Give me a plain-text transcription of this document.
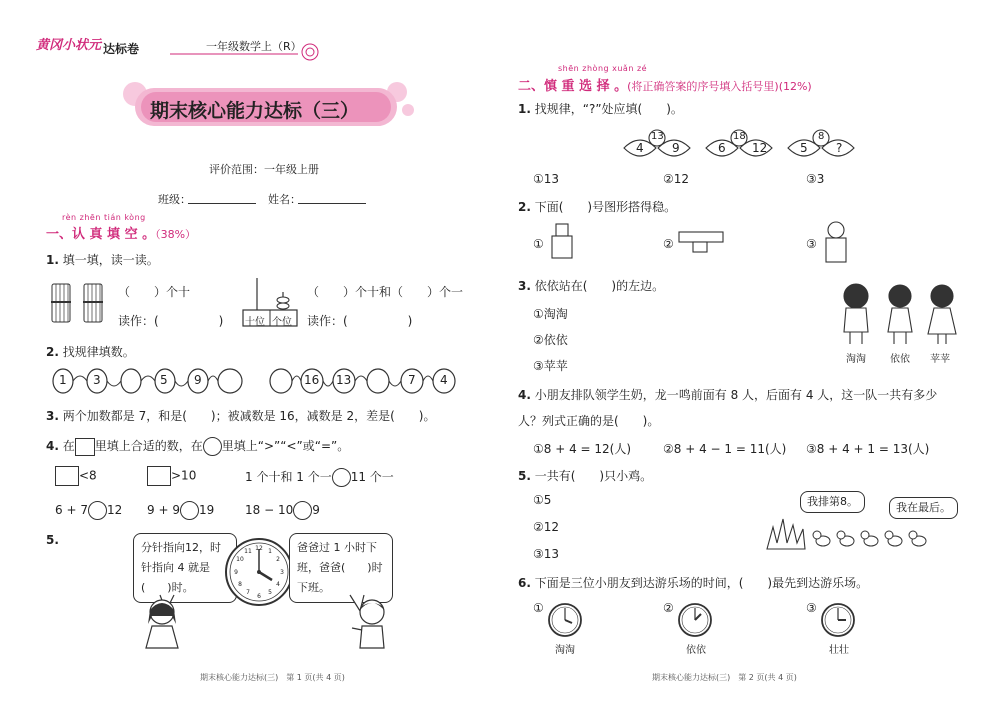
黄冈小状元 达标卷	一年级数学上（R）
期末核心能力达标（三）
评价范围：一年级上册
班级：	姓名：
rèn zhēn tián kòng
一、认 真 填 空 。（38%）
1. 填一填，读一读。
（　　）个十
读作：(　　　　　) 十位 个位
（　　）个十和（　　）个一
读作：(　　　　　)
2. 找规律填数。
1 3	5 9	16 13	7 4
3. 两个加数都是 7，和是(　　)；被减数是 16，减数是 2，差是(　　)。
4. 在 里填上合适的数，在 里填上“>”“<”或“=”。
<8	>10	1 个十和 1 个一 11 个一
6 + 7 12 9 + 9 19	18 − 10 9
5.
分针指向12，时针指向 4 就是(　　)时。
12 1
2
3
4
5
6
7
8
9
10
11	爸爸过 1 小时下班，爸爸(　　)时下班。
期末核心能力达标(三)　第 1 页(共 4 页)
shēn zhòng xuǎn zé
二、慎 重 选 择 。(将正确答案的序号填入括号里)(12%)
1. 找规律，“?”处应填(　　)。
13
4 9
18
6 12
8
5 ?
①13	②12	③3
2. 下面(　　)号图形搭得稳。
①	②	③
3. 依依站在(　　)的左边。
①淘淘
②依依
③苹苹	淘淘 依依 苹苹
4. 小朋友排队领学生奶，龙一鸣前面有 8 人，后面有 4 人，这一队一共有多少
人？列式正确的是(　　)。
①8 + 4 = 12(人)	②8 + 4 − 1 = 11(人) ③8 + 4 + 1 = 13(人)
5. 一共有(　　)只小鸡。
①5
②12
③13
我排第8。	我在最后。
6. 下面是三位小朋友到达游乐场的时间，(　　)最先到达游乐场。
①	②	③
淘淘	依依	壮壮
期末核心能力达标(三)　第 2 页(共 4 页)
